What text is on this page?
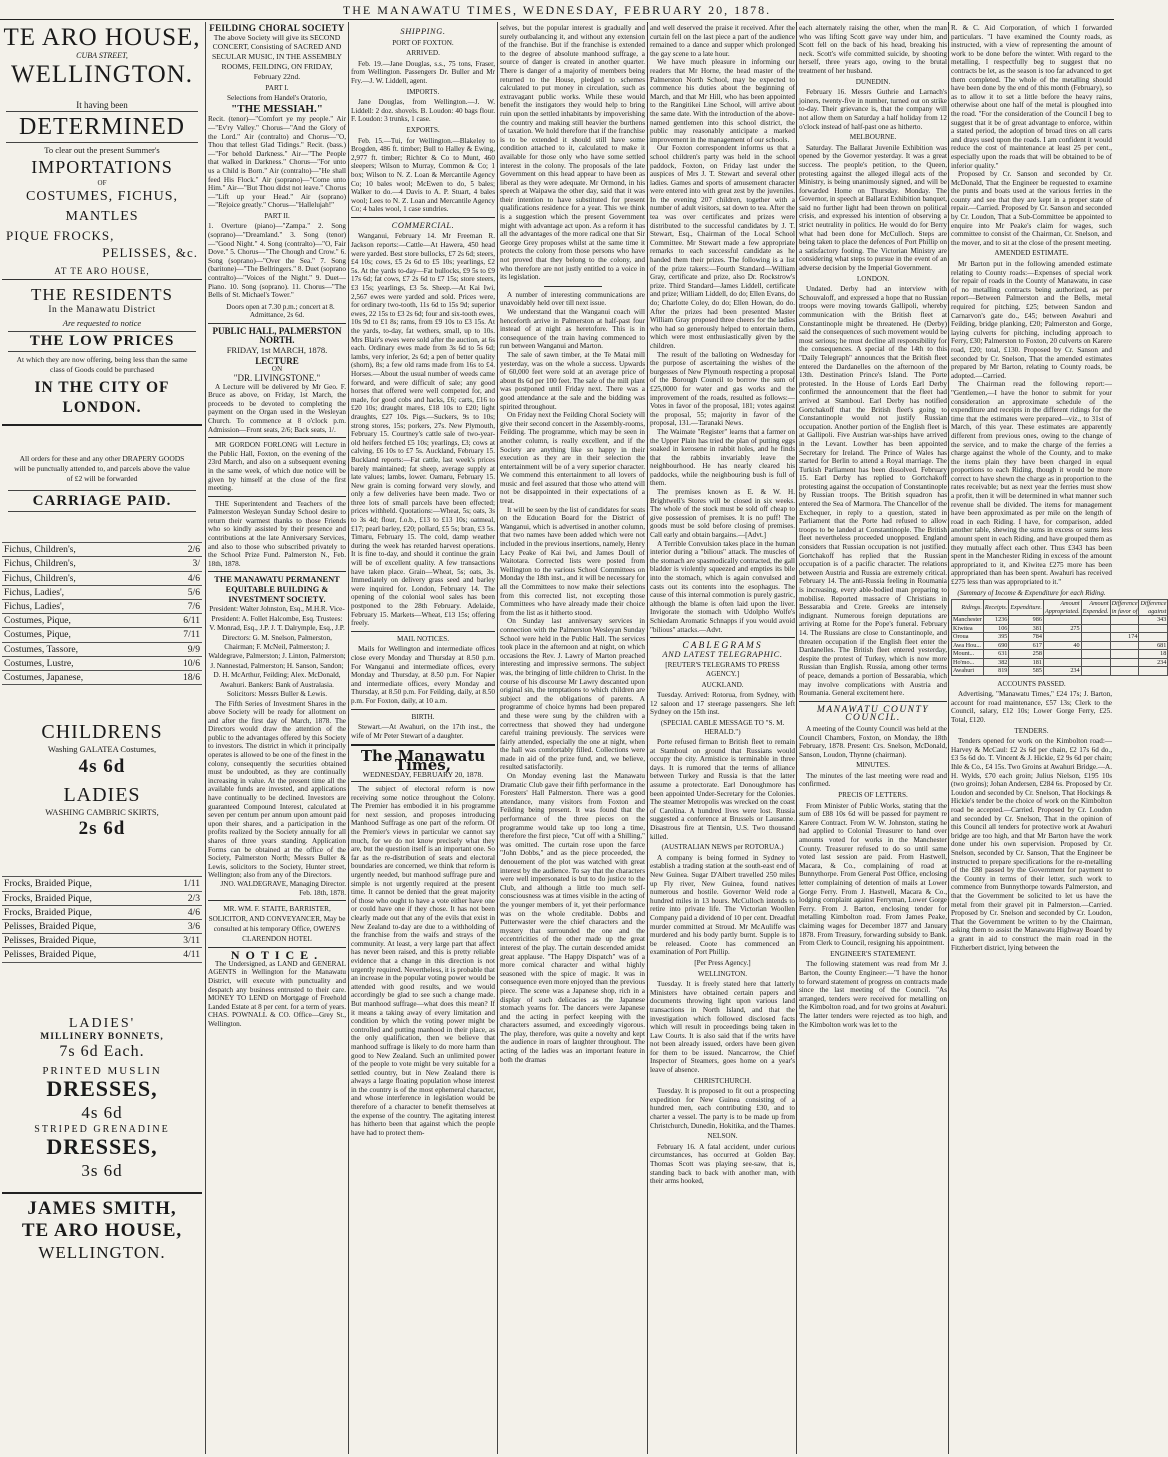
THE MANAWATU TIMES, WEDNESDAY, FEBRUARY 20, 1878.
TE ARO HOUSE,
CUBA STREET,
WELLINGTON.
It having been
DETERMINED
To clear out the present Summer's
IMPORTATIONS
OF
COSTUMES, FICHUS, MANTLES
PIQUE FROCKS,
PELISSES, &c.
AT TE ARO HOUSE,
THE RESIDENTS
In the Manawatu District
Are requested to notice
THE LOW PRICES
At which they are now offering, being less than the same class of Goods could be purchased
IN THE CITY OF LONDON.
All orders for these and any other DRAPERY GOODS will be punctually attended to, and parcels above the value of £2 will be forwarded
CARRIAGE PAID.
Fichus, Children's,	2/6
Fichus, Children's,	3/
Fichus, Children's,	4/6
Fichus, Ladies',	5/6
Fichus, Ladies',	7/6
Costumes, Pique,	6/11
Costumes, Pique,	7/11
Costumes, Tassore,	9/9
Costumes, Lustre,	10/6
Costumes, Japanese,	18/6
CHILDRENS
Washing GALATEA Costumes,
4s 6d
LADIES
WASHING CAMBRIC SKIRTS,
2s 6d
Frocks, Braided Pique,	1/11
Frocks, Braided Pique,	2/3
Frocks, Braided Pique,	4/6
Pelisses, Braided Pique,	3/6
Pelisses, Braided Pique,	3/11
Pelisses, Braided Pique,	4/11
LADIES'
MILLINERY BONNETS,
7s 6d Each.
PRINTED MUSLIN
DRESSES,
4s 6d
STRIPED GRENADINE
DRESSES,
3s 6d
JAMES SMITH,
TE ARO HOUSE,
WELLINGTON.
FEILDING CHORAL SOCIETY

The above Society will give its SECOND CONCERT, Consisting of SACRED AND SECULAR MUSIC, IN THE ASSEMBLY ROOMS, FEILDING, ON FRIDAY, February 22nd.

PART I.
Selections from Handel's Oratorio,
"THE MESSIAH."

Recit. (tenor)—"Comfort ye my people." Air—"Ev'ry Valley." Chorus—"And the Glory of the Lord." Air (contralto) and Chorus—"O, Thou that tellest Glad Tidings." Recit. (bass.)—"For behold Darkness." Air—"The People that walked in Darkness." Chorus—"For unto us a Child is Born." Air (contralto)—"He shall feed His Flock." Air (soprano)—"Come unto Him." Air—"But Thou didst not leave." Chorus—"Lift up your Head." Air (soprano)—"Rejoice greatly." Chorus—"Hallelujah!"

PART II.

1. Overture (piano)—"Zampa." 2. Song (soprano)—"Dreamland." 3. Song (tenor)—"Good Night." 4. Song (contralto)—"O, Fair Dove." 5. Chorus—"The Chough and Crow." 6. Song (soprano)—"Over the Sea." 7. Song (baritone)—"The Bellringers." 8. Duet (soprano contralto)—"Voices of the Night." 9. Duet—Piano. 10. Song (soprano). 11. Chorus—"The Bells of St. Michael's Tower."

Doors open at 7.30 p.m.; concert at 8. Admittance, 2s 6d.

PUBLIC HALL, PALMERSTON NORTH.
FRIDAY, 1st MARCH, 1878.
LECTURE
ON
"DR. LIVINGSTONE."

A Lecture will be delivered by Mr Geo. F. Bruce as above, on Friday, 1st March, the proceeds to be devoted to completing the payment on the Organ used in the Wesleyan Church. To commence at 8 o'clock p.m. Admission—Front seats, 2/6; Back seats, 1/.

MR GORDON FORLONG will Lecture in the Public Hall, Foxton, on the evening of the 23rd March, and also on a subsequent evening in the same week, of which due notice will be given by himself at the close of the first meeting.

THE Superintendent and Teachers of the Palmerston Wesleyan Sunday School desire to return their warmest thanks to those Friends who so kindly assisted by their presence and contributions at the late Anniversary Services, and also to those who subscribed privately to the School Prize Fund. Palmerston N., Feb. 18th, 1878.

THE MANAWATU PERMANENT EQUITABLE BUILDING & INVESTMENT SOCIETY.

President: Walter Johnston, Esq., M.H.R. Vice-President: A. Follet Halcombe, Esq. Trustees: V. Monrad, Esq., J.P. J. T. Dalrymple, Esq., J.P. Directors: G. M. Snelson, Palmerston, Chairman; F. McNeil, Palmerston; J. Waldegrave, Palmerston; J. Linton, Palmerston; J. Nannestad, Palmerston; H. Sanson, Sandon; D. H. McArthur, Feilding; Alex. McDonald, Awahuri. Bankers: Bank of Australasia. Solicitors: Messrs Buller & Lewis.

The Fifth Series of Investment Shares in the above Society will be ready for allotment on and after the first day of March, 1878. The Directors would draw the attention of the public to the advantages offered by this Society to investors. The district in which it principally operates is allowed to be one of the finest in the colony, consequently the securities obtained must be undoubted, as they are continually increasing in value. At the present time all the available funds are invested, and applications have continually to be declined. Investors are guaranteed Compound Interest, calculated at seven per centum per annum upon amount paid upon their shares, and a participation in the profits realized by the Society annually for all shares of three years standing. Application Forms can be obtained at the office of the Society, Palmerston North; Messrs Buller & Lewis, solicitors to the Society, Hunter street, Wellington; also from any of the Directors.

JNO. WALDEGRAVE, Managing Director. Feb. 18th, 1878.

MR. WM. F. STAITE, BARRISTER, SOLICITOR, AND CONVEYANCER, May be consulted at his temporary Office, OWEN'S CLARENDON HOTEL

NOTICE.

The Undersigned, as LAND and GENERAL AGENTS in Wellington for the Manawatu District, will execute with punctuality and despatch any business entrusted to their care. MONEY TO LEND on Mortgage of Freehold Landed Estate at 8 per cent. for a term of years. CHAS. POWNALL & CO. Office—Grey St., Wellington.

SHIPPING.
PORT OF FOXTON.
ARRIVED.

Feb. 19.—Jane Douglas, s.s., 75 tons, Fraser, from Wellington. Passengers Dr. Buller and Mr Fry.—J. W. Liddell, agent.

IMPORTS.

Jane Douglas, from Wellington.—J. W. Liddell: 2 doz. shovels. B. Loudon: 40 bags flour. F. Loudon: 3 trunks, 1 case.

EXPORTS.

Feb. 15.—Tui, for Wellington.—Blakeley to Brogden, 486 ft. timber; Bull to Halley & Ewing, 2,977 ft. timber; Richter & Co to Munt, 460 sleepers; Wilson to Murray, Common & Co; 1 box; Wilson to N. Z. Loan & Mercantile Agency Co; 10 bales wool; McEwen to do, 5 bales; Walker to do.—4 Davis to A. P. Stuart, 4 bales wool; Lees to N. Z. Loan and Mercantile Agency Co; 4 bales wool, 1 case sundries.

COMMERCIAL.

Wanganui, February 14. Mr Freeman R. Jackson reports:—Cattle—At Hawera, 450 head were yarded. Best store bullocks, £7 2s 6d; steers, £4 10s; cows, £5 2s 6d to £5 10s; yearlings, £2 5s. At the yards to-day—Fat bullocks, £9 5s to £9 17s 6d; fat cows, £7 2s 6d to £7 15s; store steers, £3 15s; yearlings, £3 5s. Sheep.—At Kai Iwi, 2,567 ewes were yarded and sold. Prices were, for ordinary two-tooth, 11s 6d to 15s 9d; superior ewes, 22 15s to £3 2s 6d; four and six-tooth ewes, 10s 9d to £1 8s; rams, from £9 10s to £3 15s. At the yards, to-day, fat wethers, small, up to 10s. Mrs Blair's ewes were sold after the auction, at 6s each. Ordinary ewes made from 3s 6d to 5s 6d; lambs, very inferior, 2s 6d; a pen of better quality (shorn), 8s; a few old rams made from 16s to £4. Horses.—About the usual number of weeds came forward, and were difficult of sale; any good horses that offered were well competed for, and made, for good cobs and hacks, £6; carts, £16 to £20 10s; draught mares, £18 10s to £20; light draughts, £27 10s. Pigs.—Suckers, 9s to 10s; strong stores, 15s; porkers, 27s. New Plymouth, February 15. Courtney's cattle sale of two-year-old heifers fetched £5 10s; yearlings, £3; cows at calving, £6 10s to £7 5s. Auckland, February 15. Buckland reports:—Fat cattle, last week's prices barely maintained; fat sheep, average supply at late values; lambs, lower. Oamaru, February 15. New grain is coming forward very slowly, and only a few deliveries have been made. Two or three lots of small parcels have been effected; prices withheld. Quotations:—Wheat, 5s; oats, 3s to 3s 4d; flour, f.o.b., £13 to £13 10s; oatmeal, £17; pearl barley, £20; pollard, £5 5s; bran, £3 5s. Timaru, February 15. The cold, damp weather during the week has retarded harvest operations. It is fine to-day, and should it continue the grain will be of excellent quality. A few transactions have taken place. Grain—Wheat, 5s; oats, 3s. Immediately on delivery grass seed and barley were inquired for. London, February 14. The opening of the colonial wool sales has been postponed to the 28th February. Adelaide, February 15. Markets—Wheat, £13 15s; offering freely.

MAIL NOTICES.

Mails for Wellington and intermediate offices close every Monday and Thursday at 8.50 p.m. For Wanganui and intermediate offices, every Monday and Thursday, at 8.50 p.m. For Napier and intermediate offices, every Monday and Thursday, at 8.50 p.m. For Feilding, daily, at 8.50 p.m. For Foxton, daily, at 10 a.m.

BIRTH.

Stewart.—At Awahuri, on the 17th inst., the wife of Mr Peter Stewart of a daughter.

The Manawatu Times,
WEDNESDAY, FEBRUARY 20, 1878.

The subject of electoral reform is now receiving some notice throughout the Colony. The Premier has embodied it in his programme for next session, and proposes introducing Manhood Suffrage as one part of the reform. Of the Premier's views in particular we cannot say much, for we do not know precisely what they are, but the question itself is an important one. So far as the re-distribution of seats and electoral boundaries are concerned, we think that reform is urgently needed, but manhood suffrage pure and simple is not urgently required at the present time. It cannot be denied that the great majority of those who ought to have a vote either have one or could have one if they chose. It has not been clearly made out that any of the evils that exist in New Zealand to-day are due to a withholding of the franchise from the waifs and strays of the community. At least, a very large part that affect has never been raised, and this is pretty reliable evidence that a change in this direction is not urgently required. Nevertheless, it is probable that an increase in the popular voting power would be attended with good results, and we would accordingly be glad to see such a change made. But manhood suffrage—what does this mean? If it means a taking away of every limitation and condition by which the voting power might be controlled and putting manhood in their place, as the only qualification, then we believe that manhood suffrage is likely to do more harm than good to New Zealand. Such an unlimited power of the people to vote might be very suitable for a settled country, but in New Zealand there is always a large floating population whose interest in the country is of the most ephemeral character, and whose interference in legislation would be therefore of a character to benefit themselves at the expense of the country. The agitating interest has hitherto been that against which the people have had to protect them-

selves, but the popular interest is gradually and surely outbalancing it, and without any extension of the franchise. But if the franchise is extended to the degree of absolute manhood suffrage, a source of danger is created in another quarter. There is danger of a majority of members being returned to the House, pledged to schemes calculated to put money in circulation, such as extravagant public works. While these would benefit the instigators they would help to bring ruin upon the settled inhabitants by impoverishing the country and making still heavier the burthens of taxation. We hold therefore that if the franchise is to be extended it should still have some condition attached to it, calculated to make it available for those only who have some settled interest in the colony. The proposals of the late Government on this head appear to have been as liberal as they were adequate. Mr Ormond, in his speech at Waipawa the other day, said that it was their intention to have substituted for present qualifications residence for a year. This we think is a suggestion which the present Government might with advantage act upon. As a reform it has all the advantages of the more radical one that Sir George Grey proposes whilst at the same time it protects the colony from those persons who have not proved that they belong to the colony, and who therefore are not justly entitled to a voice in its legislation.

A number of interesting communications are unavoidably held over till next issue.

We understand that the Wanganui coach will henceforth arrive in Palmerston at half-past four instead of at night as heretofore. This is in consequence of the train having commenced to run between Wanganui and Marton.

The sale of sawn timber, at the Te Matai mill yesterday, was on the whole a success. Upwards of 60,000 feet were sold at an average price of about 8s 6d per 100 feet. The sale of the mill plant was postponed until Friday next. There was a good attendance at the sale and the bidding was spirited throughout.

On Friday next the Feilding Choral Society will give their second concert in the Assembly-rooms, Feilding. The programme, which may be seen in another column, is really excellent, and if the Society are anything like so happy in their execution as they are in their selection the entertainment will be of a very superior character. We commend this entertainment to all lovers of music and feel assured that those who attend will not be disappointed in their expectations of a treat.

It will be seen by the list of candidates for seats on the Education Board for the District of Wanganui, which is advertised in another column, that two names have been added which were not included in the previous insertions, namely, Henry Lacy Peake of Kai Iwi, and James Doull of Waitotara. Corrected lists were posted from Wellington to the various School Committees on Monday the 18th inst., and it will be necessary for all the Committees to now make their selections from this corrected list, not excepting those Committees who have already made their choice from the list as it hitherto stood.

On Sunday last anniversary services in connection with the Palmerston Wesleyan Sunday School were held in the Public Hall. The services took place in the afternoon and at night, on which occasions the Rev. J. Lawry of Marton preached interesting and impressive sermons. The subject was, the bringing of little children to Christ. In the course of his discourse Mr Lawry descanted upon original sin, the temptations to which children are subject and the obligations of parents. A programme of choice hymns had been prepared and these were sung by the children with a correctness that showed they had undergone careful training previously. The services were fairly attended, especially the one at night, when the hall was comfortably filled. Collections were made in aid of the prize fund, and, we believe, resulted satisfactorily.

On Monday evening last the Manawatu Dramatic Club gave their fifth performance in the Foresters' Hall Palmerston. There was a good attendance, many visitors from Foxton and Feilding being present. It was found that the performance of the three pieces on the programme would take up too long a time, therefore the first piece, "Cut off with a Shilling," was omitted. The curtain rose upon the farce "John Dobbs," and as the piece proceeded, the denouement of the plot was watched with great interest by the audience. To say that the characters were well impersonated is but to do justice to the Club, and although a little too much self-consciousness was at times visible in the acting of the younger members of it, yet their performance was on the whole creditable. Dobbs and Putterwaster were the chief characters and the mystery that surrounded the one and the eccentricities of the other made up the great interest of the play. The curtain descended amidst great applause. "The Happy Dispatch" was of a more comical character and withal highly seasoned with the spice of magic. It was in consequence even more enjoyed than the previous piece. The scene was a Japanese shop, rich in a display of such delicacies as the Japanese stomach yearns for. The dancers were Japanese and the acting in perfect keeping with the characters assumed, and exceedingly vigorous. The play, therefore, was quite a novelty and kept the audience in roars of laughter throughout. The acting of the ladies was an important feature in both the dramas

and well deserved the praise it received. After the curtain fell on the last piece a part of the audience remained to a dance and supper which prolonged the gay scene to a late hour.

We have much pleasure in informing our readers that Mr Horne, the head master of the Palmerston North School, may be expected to commence his duties about the beginning of March, and that Mr Hill, who has been appointed to the Rangitikei Line School, will arrive about the same date. With the introduction of the above-named gentlemen into this school district, the public may reasonably anticipate a marked improvement in the management of our schools.

Our Foxton correspondent informs us that a school children's party was held in the school paddock, Foxton, on Friday last under the auspices of Mrs J. T. Stewart and several other ladies. Games and sports of amusement character were entered into with great zest by the juveniles. In the evening 207 children, together with a number of adult visitors, sat down to tea. After the tea was over certificates and prizes were distributed to the successful candidates by J. T. Stewart, Esq., Chairman of the Local School Committee. Mr Stewart made a few appropriate remarks to each successful candidate as he handed them their prizes. The following is a list of the prize takers:—Fourth Standard—William Gray, certificate and prize, also Dr. Rockstrow's prize. Third Standard—James Liddell, certificate and prize; William Liddell, do do; Ellen Evans, do do; Charlotte Coley, do do; Ellen Howan, do do. After the prizes had been presented Master William Gray proposed three cheers for the ladies who had so generously helped to entertain them, which were most enthusiastically given by the children.

The result of the balloting on Wednesday for the purpose of ascertaining the wishes of the burgesses of New Plymouth respecting a proposal of the Borough Council to borrow the sum of £25,0000 for water and gas works and the improvement of the roads, resulted as follows:—Votes in favor of the proposal, 181; votes against the proposal, 55; majority in favor of the proposal, 131.—Taranaki News.

The Waimate "Register" learns that a farmer on the Upper Plain has tried the plan of putting eggs soaked in kerosene in rabbit holes, and he finds that the rabbits invariably leave the neighbourhood. He has nearly cleared his paddocks, while the neighbouring bush is full of them.

The premises known as E. & W. H. Brightwell's Stores will be closed in six weeks. The whole of the stock must be sold off cheap to give possession of premises. It is no puff! The goods must be sold before closing of premises. Call early and obtain bargains.—[Advt.]

A Terrible Convulsion takes place in the human interior during a "bilious" attack. The muscles of the stomach are spasmodically contracted, the gall bladder is violently squeezed and empties its bile into the stomach, which is again convulsed and casts out its contents into the esophagus. The cause of this internal commotion is purely gastric, although the blame is often laid upon the liver. Invigorate the stomach with Udolpho Wolfe's Schiedam Aromatic Schnapps if you would avoid "bilious" attacks.—Advt.

CABLEGRAMS
AND LATEST TELEGRAPHIC.
[REUTER'S TELEGRAMS TO PRESS AGENCY.]
AUCKLAND.

Tuesday. Arrived: Rotorua, from Sydney, with 12 saloon and 17 steerage passengers. She left Sydney on the 15th inst.

(SPECIAL CABLE MESSAGE TO "S. M. HERALD.")

Porte refused firman to British fleet to remain at Stamboul on ground that Russians would occupy the city. Armistice is terminable in three days. It is rumored that the terms of alliance between Turkey and Russia is that the latter assume a protectorate. Earl Donoughmore has been appointed Under-Secretary for the Colonies. The steamer Metropolis was wrecked on the coast of Carolina. A hundred lives were lost. Russia suggested a conference at Brussels or Lausanne. Disastrous fire at Tientsin, U.S. Two thousand killed.

(AUSTRALIAN NEWS per ROTORUA.)

A company is being formed in Sydney to establish a trading station at the south-east end of New Guinea. Sugar D'Albert travelled 250 miles up Fly river, New Guinea, found natives numerous and hostile. Governor Weld rode a hundred miles in 13 hours. McCulloch intends to retire into private life. The Victorian Woollen Company paid a dividend of 10 per cent. Dreadful murder committed at Stroud. Mr McAuliffe was murdered and his body partly burnt. Supple is to be released. Coote has commenced an examination of Port Phillip.

[Per Press Agency.]
WELLINGTON.

Tuesday. It is freely stated here that latterly Ministers have obtained certain papers and documents throwing light upon various land transactions in North Island, and that the investigation which followed disclosed facts which will result in proceedings being taken in Law Courts. It is also said that if the writs have not been already issued, orders have been given for them to be issued. Nancarrow, the Chief Inspector of Steamers, goes home on a year's leave of absence.

CHRISTCHURCH.

Tuesday. It is proposed to fit out a prospecting expedition for New Guinea consisting of a hundred men, each contributing £30, and to charter a vessel. The party is to be made up from Christchurch, Dunedin, Hokitika, and the Thames.

NELSON.

February 16. A fatal accident, under curious circumstances, has occurred at Golden Bay. Thomas Scott was playing see-saw, that is, standing back to back with another man, with their arms hooked,

each alternately raising the other, when the man who was lifting Scott gave way under him, and Scott fell on the back of his head, breaking his neck. Scott's wife committed suicide, by shooting herself, three years ago, owing to the brutal treatment of her husband.

DUNEDIN.

February 16. Messrs Guthrie and Larnach's joiners, twenty-five in number, turned out on strike to-day. Their grievance is, that the company will not allow them on Saturday a half holiday from 12 o'clock instead of half-past one as hitherto.

MELBOURNE.

Saturday. The Ballarat Juvenile Exhibition was opened by the Governor yesterday. It was a great success. The people's petition, to the Queen, protesting against the alleged illegal acts of the Ministry, is being unanimously signed, and will be forwarded Home on Thursday. Monday. The Governor, in speech at Ballarat Exhibition banquet, said no further light had been thrown on political crisis, and expressed his intention of observing a strict neutrality in politics. He would do for Berry what had been done for McCulloch. Steps are being taken to place the defences of Port Phillip on a satisfactory footing. The Victorian Ministry are considering what steps to pursue in the event of an adverse decision by the Imperial Government.

LONDON.

Undated. Derby had an interview with Schouvaloff, and expressed a hope that no Russian troops were moving towards Gallipoli, whereby communication with the British fleet at Constantinople might be threatened. He (Derby) said the consequences of such movement would be most serious; he must decline all responsibility for the consequences. A special of the 14th to this "Daily Telegraph" announces that the British fleet entered the Dardanelles on the afternoon of the 13th. Destination Prince's Island. The Porte protested. In the House of Lords Earl Derby confirmed the announcement that the fleet had arrived at Stamboul. Earl Derby has notified Gortchakoff that the British fleet's going to Constantinople would not justify Russian occupation. Another portion of the English fleet is at Gallipoli. Five Austrian war-ships have arrived in the Levant. Lowther has been appointed Secretary for Ireland. The Prince of Wales has started for Berlin to attend a Royal marriage. The Turkish Parliament has been dissolved. February 15. Earl Derby has replied to Gortchakoff protesting against the occupation of Constantinople by Russian troops. The British squadron has entered the Sea of Marmora. The Chancellor of the Exchequer, in reply to a question, stated in Parliament that the Porte had refused to allow troops to be landed at Constantinople. The British fleet nevertheless proceeded unopposed. England considers that Russian occupation is not justified. Gortchakoff has replied that the Russian occupation is of a pacific character. The relations between Austria and Russia are extremely critical. February 14. The anti-Russia feeling in Roumania is increasing, every able-bodied man preparing to mobilise. Reported massacre of Christians in Bessarabia and Crete. Greeks are intensely indignant. Numerous foreign deputations are arriving at Rome for the Pope's funeral. February 14. The Russians are close to Constantinople, and threaten occupation if the English fleet enter the Dardanelles. The British fleet entered yesterday, despite the protest of Turkey, which is now more Russian than English. Russia, among other terms of peace, demands a portion of Bessarabia, which may involve complications with Austria and Roumania. General excitement here.

MANAWATU COUNTY COUNCIL.

A meeting of the County Council was held at the Council Chambers, Foxton, on Monday, the 18th February, 1878. Present: Crs. Snelson, McDonald, Sanson, Loudon, Thynne (chairman).

MINUTES.

The minutes of the last meeting were read and confirmed.

PRECIS OF LETTERS.

From Minister of Public Works, stating that the sum of £88 10s 6d will be passed for payment re Karere Contract. From W. W. Johnston, stating he had applied to Colonial Treasurer to hand over amounts voted for works in the Manchester County. Treasurer refused to do so until same voted last session are paid. From Hastwell, Macara, & Co., complaining of road at Bunnythorpe. From General Post Office, enclosing letter complaining of detention of mails at Lower Gorge Ferry. From J. Hastwell, Macara & Co., lodging complaint against Ferryman, Lower Gorge Ferry. From J. Barton, enclosing tender for metalling Kimbolton road. From James Peake, claiming wages for December 1877 and January 1878. From Treasury, forwarding subsidy to Bank. From Clerk to Council, resigning his appointment.

ENGINEER'S STATEMENT.

The following statement was read from Mr J. Barton, the County Engineer:—"I have the honor to forward statement of progress on contracts made since the last meeting of the Council. "As arranged, tenders were received for metalling on the Kimbolton road, and for two groins at Awahuri. The latter tenders were rejected as too high, and the Kimbolton work was let to the

R. & C. Aid Corporation, of which I forwarded particulars. "I have examined the County roads, as instructed, with a view of representing the amount of work to be done before the winter. With regard to the metalling, I respectfully beg to suggest that no contracts be let, as the season is too far advanced to get them completed. The whole of the metalling should have been done by the end of this month (February), so as to allow it to set a little before the heavy rains, otherwise about one half of the metal is ploughed into the road. "For the consideration of the Council I beg to suggest that it be of great advantage to enforce, within a stated period, the adoption of broad tires on all carts and drays used upon the roads. I am confident it would reduce the cost of maintenance at least 25 per cent., especially upon the roads that will be obtained to be of inferior quality."

Proposed by Cr. Sanson and seconded by Cr. McDonald, That the Engineer be requested to examine the punts and boats used at the various ferries in the county and see that they are kept in a proper state of repair.—Carried. Proposed by Cr. Sanson and seconded by Cr. Loudon, That a Sub-Committee be appointed to enquire into Mr Peake's claim for wages, such committee to consist of the Chairman, Cr. Snelson, and the mover, and to sit at the close of the present meeting.

AMENDED ESTIMATE.

Mr Barton put in the following amended estimate relating to County roads:—Expenses of special work for repair of roads in the County of Manawatu, in case of no metalling contracts being authorized, as per report—Between Palmerston and the Bells, metal required for pitching, £25; between Sandon and Carnarvon's gate do., £45; between Awahuri and Feilding, bridge planking, £20; Palmerston and Gorge, laying culverts for pitching, including approach to Ferry, £30; Palmerston to Foxton, 20 culverts on Karere road, £20; total, £130. Proposed by Cr. Sanson and seconded by Cr. Snelson, That the amended estimates prepared by Mr Barton, relating to County roads, be adopted.—Carried.

The Chairman read the following report:— "Gentlemen,—I have the honor to submit for your consideration an approximate schedule of the expenditure and receipts in the different ridings for the time that the estimates were prepared—viz., to 31st of March, of this year. These estimates are apparently different from previous ones, owing to the change of the service, and to make the charge of the ferries a charge against the whole of the County, and to make the items plain they have been charged in equal proportions to each Riding, though it would be more correct to have shewn the charge as in proportion to the rates receivable; but as next year the ferries must show a profit, then it will be determined in what manner such revenue shall be divided. The items for management have been approximated as per mile on the length of road in each Riding. I have, for comparison, added another table, shewing the sums in excess or sums less amount spent in each Riding, and have grouped them as they mutually affect each other. Thus £343 has been spent in the Manchester Riding in excess of the amount appropriated to it, and Kiwitea £275 more has been appropriated than has been spent. Awahuri has received £275 less than was appropriated to it."

(Summary of Income & Expenditure for each Riding.
Ridings.	Receipts.	Expenditure.	Amount Appropriated.	Amount Expended.	Difference in favor of	Difference against
Manchester	1236	986				343
Kiwitea	106	381	275			
Oroua	395	784			174	
Awa Hou...	690	617	40			681
Mount...	631	258				18
Ho'mo...	382	181				234
Awahuri	819	585	234			
ACCOUNTS PASSED.

Advertising, "Manawatu Times," £24 17s; J. Barton, account for road maintenance, £57 13s; Clerk to the Council, salary, £12 10s; Lower Gorge Ferry, £25. Total, £120.

TENDERS.

Tenders opened for work on the Kimbolton road:—Harvey & McCaul: £2 2s 6d per chain, £2 17s 6d do., £3 5s 6d do. T. Vincent & J. Hickie, £2 9s 6d per chain; Ihle & Co., £4 15s. Two Groins at Awahuri Bridge.—A. H. Wylds, £70 each groin; Julius Nielson, £195 10s (two groins); Johan Andersen, £284 6s. Proposed by Cr. Loudon and seconded by Cr. Snelson, That Hockings & Hickie's tender be the choice of work on the Kimbolton road be accepted.—Carried. Proposed by Cr. Loudon and seconded by Cr. Snelson, That in the opinion of this Council all tenders for protective work at Awahuri bridge are too high, and that Mr Barton have the work done under his own supervision. Proposed by Cr. Snelson, seconded by Cr. Sanson, That the Engineer be instructed to prepare specifications for the re-metalling of the £88 passed by the Government for payment to the County in terms of their letter, such work to commence from Bunnythorpe towards Palmerston, and that the Government be solicited to let us have the metal from their gravel pit in Palmerston.—Carried. Proposed by Cr. Snelson and seconded by Cr. Loudon, That the Government be written to by the Chairman, asking them to assist the Manawatu Highway Board by a grant in aid to construct the main road in the Fitzherbert district, lying between the
